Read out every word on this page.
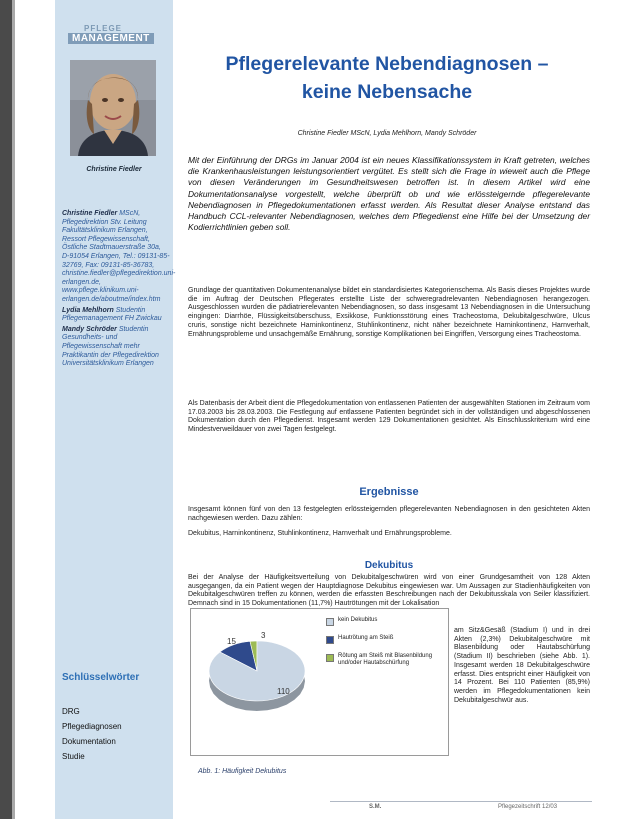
PFLEGE
MANAGEMENT
Christine Fiedler
Christine Fiedler MScN, Pflegedirektion Stv. Leitung Fakultätsklinikum Erlangen, Ressort Pflegewissenschaft, Östliche Stadtmauerstraße 30a, D-91054 Erlangen, Tel.: 09131-85-32769, Fax: 09131-85-36783, christine.fiedler@pflegedirektion.uni-erlangen.de, www.pflege.klinikum.uni-erlangen.de/aboutme/index.htm
Lydia Mehlhorn Studentin Pflegemanagement FH Zwickau
Mandy Schröder Studentin Gesundheits- und Pflegewissenschaft mehr Praktikantin der Pflegedirektion Universitätsklinikum Erlangen
Schlüsselwörter
DRG
Pflegediagnosen
Dokumentation
Studie
Pflegerelevante Nebendiagnosen –
keine Nebensache
Christine Fiedler MScN, Lydia Mehlhorn, Mandy Schröder
Mit der Einführung der DRGs im Januar 2004 ist ein neues Klassifikationssystem in Kraft getreten, welches die Krankenhausleistungen leistungsorientiert vergütet. Es stellt sich die Frage in wieweit auch die Pflege von diesen Veränderungen im Gesundheitswesen betroffen ist. In diesem Artikel wird eine Dokumentationsanalyse vorgestellt, welche überprüft ob und wie erlössteigernde pflegerelevante Nebendiagnosen in Pflegedokumentationen erfasst werden. Als Resultat dieser Analyse entstand das Handbuch CCL-relevanter Nebendiagnosen, welches dem Pflegedienst eine Hilfe bei der Umsetzung der Kodierrichtlinien geben soll.
Grundlage der quantitativen Dokumentenanalyse bildet ein standardisiertes Kategorienschema. Als Basis dieses Projektes wurde die im Auftrag der Deutschen Pflegerates erstellte Liste der schweregradrelevanten Nebendiagnosen herangezogen. Ausgeschlossen wurden die pädiatrierelevanten Nebendiagnosen, so dass insgesamt 13 Nebendiagnosen in die Untersuchung eingingen: Diarrhöe, Flüssigkeitsüberschuss, Exsikkose, Funktionsstörung eines Tracheostoma, Dekubitalgeschwüre, Ulcus cruris, sonstige nicht bezeichnete Harninkontinenz, Stuhlinkontinenz, nicht näher bezeichnete Harninkontinenz, Harnverhalt, Ernährungsprobleme und unsachgemäße Ernährung, sonstige Komplikationen bei Eingriffen, Versorgung eines Tracheostoma.
Als Datenbasis der Arbeit dient die Pflegedokumentation von entlassenen Patienten der ausgewählten Stationen im Zeitraum vom 17.03.2003 bis 28.03.2003. Die Festlegung auf entlassene Patienten begründet sich in der vollständigen und abgeschlossenen Dokumentation durch den Pflegedienst. Insgesamt werden 129 Dokumentationen gesichtet. Als Einschlusskriterium wird eine Mindestverweildauer von zwei Tagen festgelegt.
Ergebnisse
Insgesamt können fünf von den 13 festgelegten erlössteigernden pflegerelevanten Nebendiagnosen in den gesichteten Akten nachgewiesen werden. Dazu zählen:
Dekubitus, Harninkontinenz, Stuhlinkontinenz, Harnverhalt und Ernährungsprobleme.
Dekubitus
Bei der Analyse der Häufigkeitsverteilung von Dekubitalgeschwüren wird von einer Grundgesamtheit von 128 Akten ausgegangen, da ein Patient wegen der Hauptdiagnose Dekubitus eingewiesen war. Um Aussagen zur Stadienhäufigkeiten von Dekubitalgeschwüren treffen zu können, werden die erfassten Beschreibungen nach der Dekubitusskala von Seiler klassifiziert. Demnach sind in 15 Dokumentationen (11,7%) Hautrötungen mit der Lokalisation
am Sitz&Gesäß (Stadium I) und in drei Akten (2,3%) Dekubitalgeschwüre mit Blasenbildung oder Hautabschürfung (Stadium II) beschrieben (siehe Abb. 1). Insgesamt werden 18 Dekubitalgeschwüre erfasst. Dies entspricht einer Häufigkeit von 14 Prozent. Bei 110 Patienten (85,9%) werden im Pflegedokumentationen kein Dekubitalgeschwür aus.
15
3
110
kein Dekubitus
Hautrötung am Steiß
Rötung am Steiß mit Blasenbildung und/oder Hautabschürfung
Abb. 1: Häufigkeit Dekubitus
S.M.	Pflegezeitschrift 12/03
